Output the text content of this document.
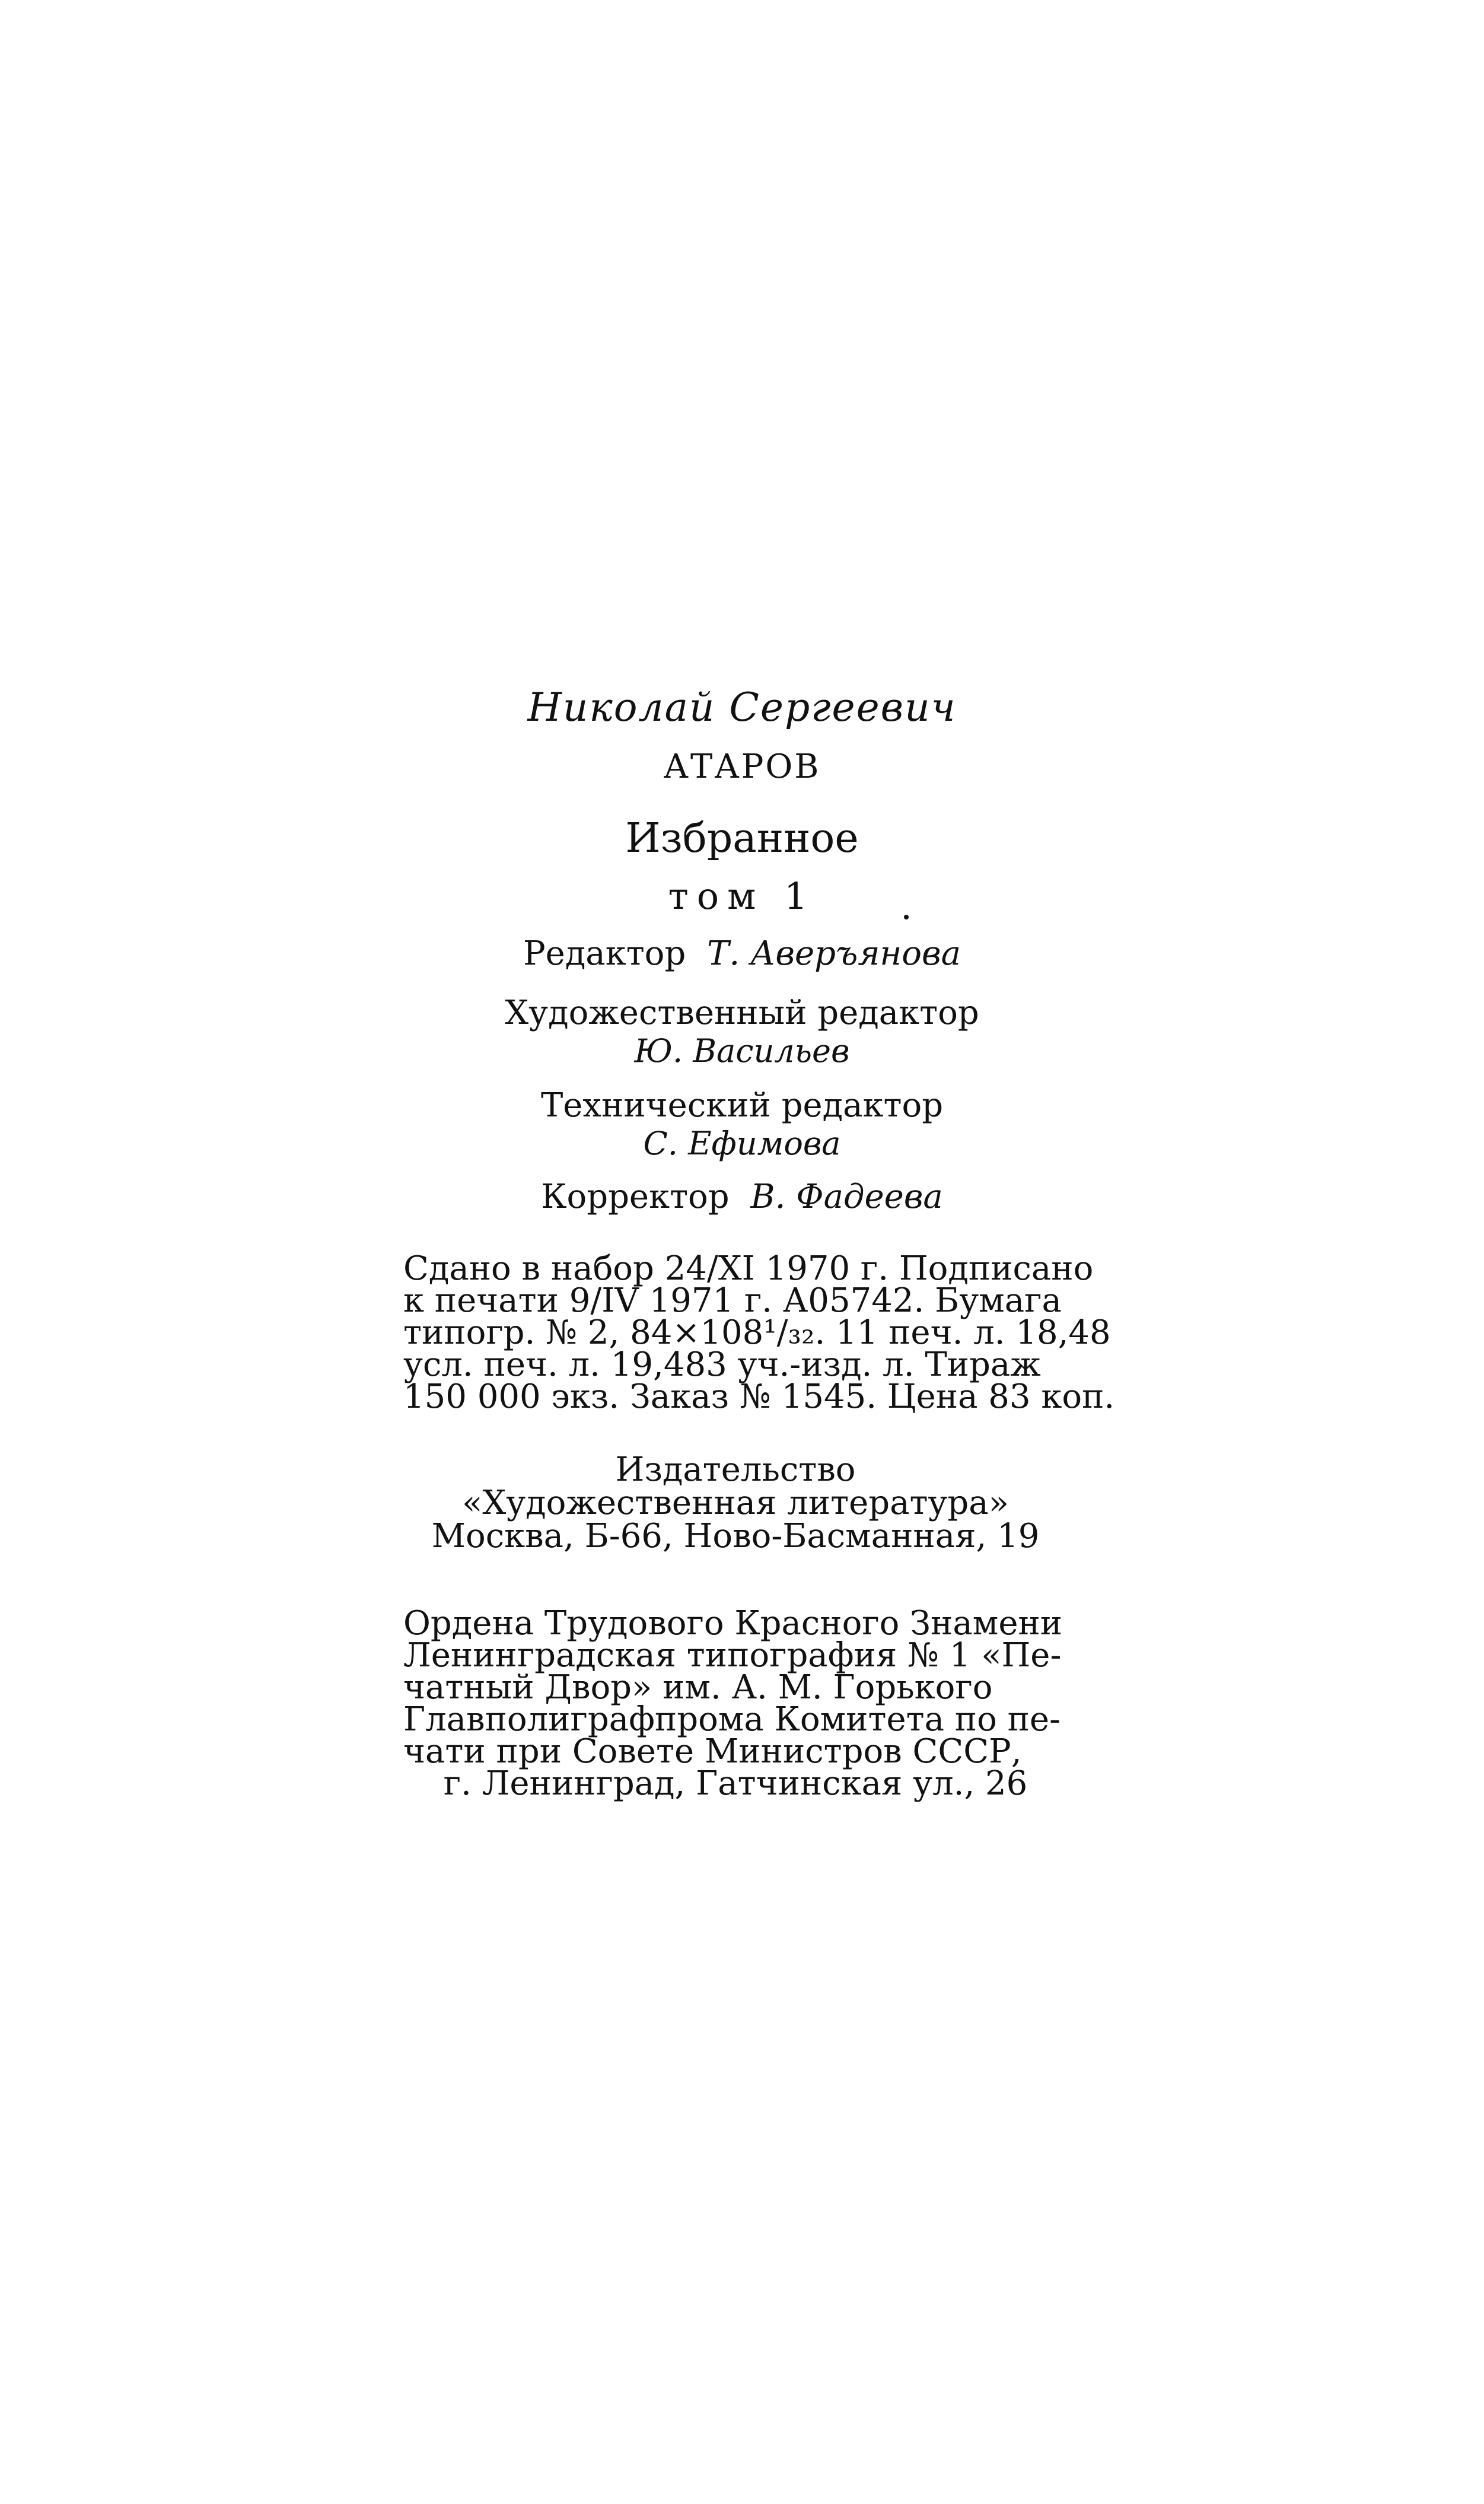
Николай Сергеевич
АТАРОВ
Избранное
том 1
Редактор Т. Аверъянова
Художественный редактор
Ю. Васильев
Технический редактор
С. Ефимова
Корректор В. Фадеева
Сдано в набор 24/XI 1970 г. Подписано
к печати 9/IV 1971 г. А05742. Бумага
типогр. № 2, 84×108¹/₃₂. 11 печ. л. 18,48
усл. печ. л. 19,483 уч.-изд. л. Тираж
150 000 экз. Заказ № 1545. Цена 83 коп.
Издательство
«Художественная литература»
Москва, Б-66, Ново-Басманная, 19
Ордена Трудового Красного Знамени
Ленинградская типография № 1 «Пе-
чатный Двор» им. А. М. Горького
Главполиграфпрома Комитета по пе-
чати при Совете Министров СССР,
г. Ленинград, Гатчинская ул., 26
